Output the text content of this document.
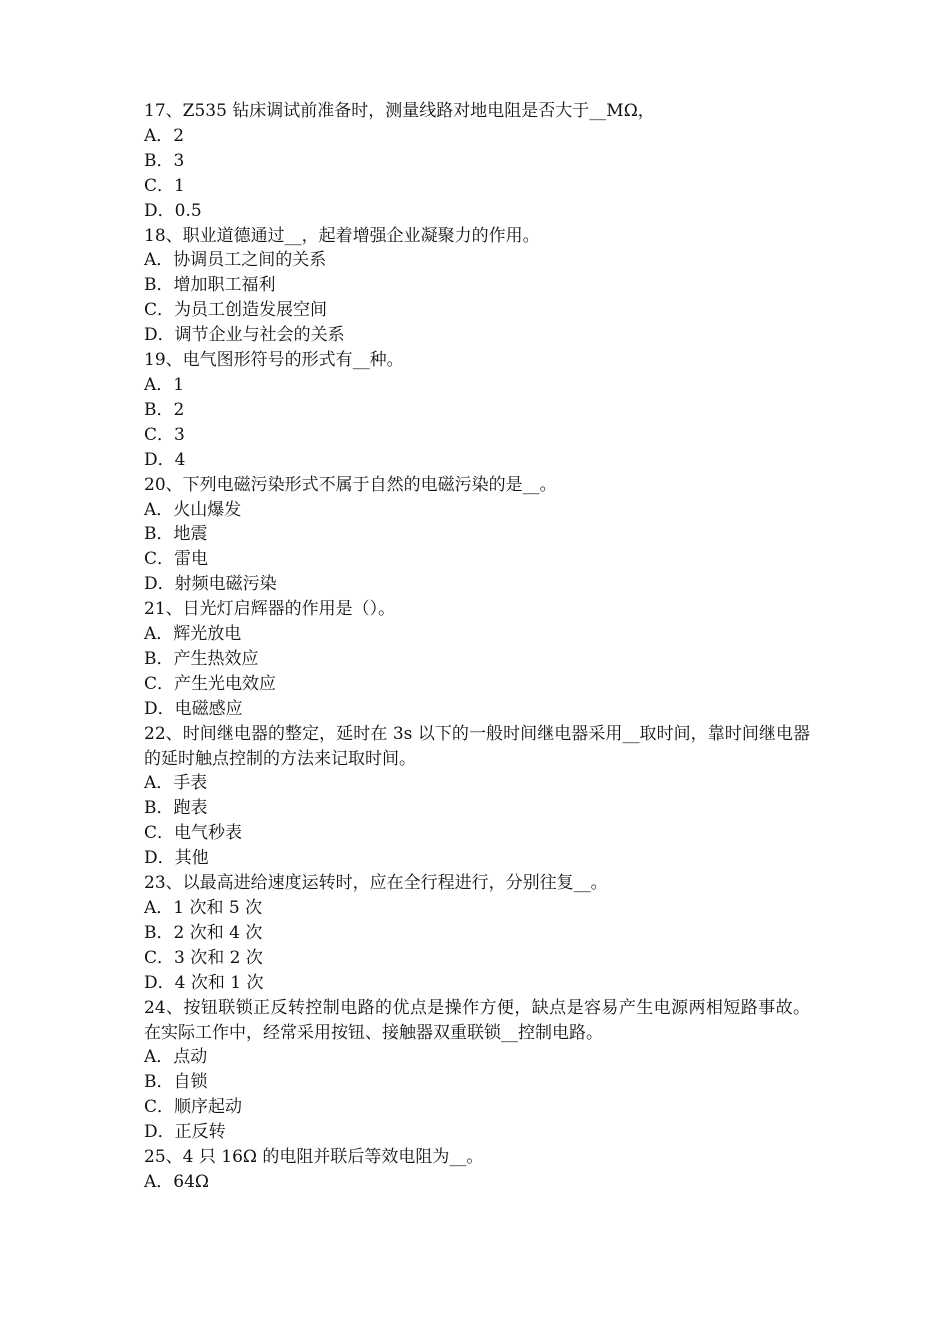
17、Z535 钻床调试前准备时，测量线路对地电阻是否大于__MΩ，

A．2

B．3

C．1

D．0.5

18、职业道德通过__，起着增强企业凝聚力的作用。

A．协调员工之间的关系

B．增加职工福利

C．为员工创造发展空间

D．调节企业与社会的关系

19、电气图形符号的形式有__种。

A．1

B．2

C．3

D．4

20、下列电磁污染形式不属于自然的电磁污染的是__。

A．火山爆发

B．地震

C．雷电

D．射频电磁污染

21、日光灯启辉器的作用是（）。

A．辉光放电

B．产生热效应

C．产生光电效应

D．电磁感应

22、时间继电器的整定，延时在 3s 以下的一般时间继电器采用__取时间，靠时间继电器的延时触点控制的方法来记取时间。

A．手表

B．跑表

C．电气秒表

D．其他

23、以最高进给速度运转时，应在全行程进行，分别往复__。

A．1 次和 5 次

B．2 次和 4 次

C．3 次和 2 次

D．4 次和 1 次

24、按钮联锁正反转控制电路的优点是操作方便，缺点是容易产生电源两相短路事故。在实际工作中，经常采用按钮、接触器双重联锁__控制电路。

A．点动

B．自锁

C．顺序起动

D．正反转

25、4 只 16Ω 的电阻并联后等效电阻为__。

A．64Ω
